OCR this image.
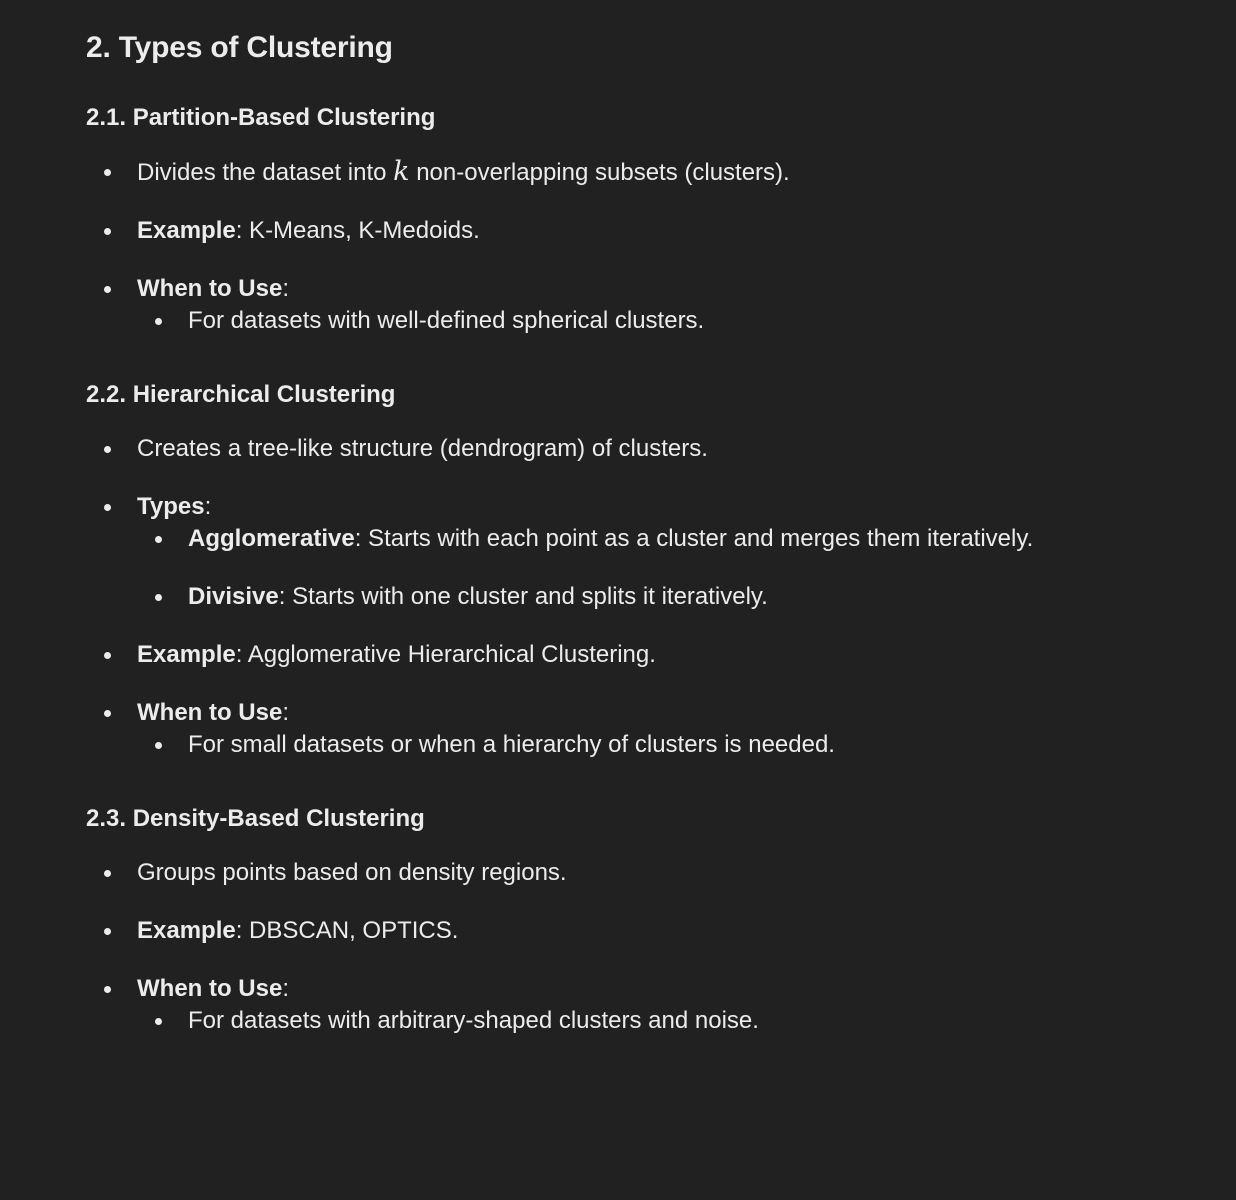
2. Types of Clustering
2.1. Partition-Based Clustering
Divides the dataset into k non-overlapping subsets (clusters).
Example: K-Means, K-Medoids.
When to Use:
For datasets with well-defined spherical clusters.
2.2. Hierarchical Clustering
Creates a tree-like structure (dendrogram) of clusters.
Types:
Agglomerative: Starts with each point as a cluster and merges them iteratively.
Divisive: Starts with one cluster and splits it iteratively.
Example: Agglomerative Hierarchical Clustering.
When to Use:
For small datasets or when a hierarchy of clusters is needed.
2.3. Density-Based Clustering
Groups points based on density regions.
Example: DBSCAN, OPTICS.
When to Use:
For datasets with arbitrary-shaped clusters and noise.
